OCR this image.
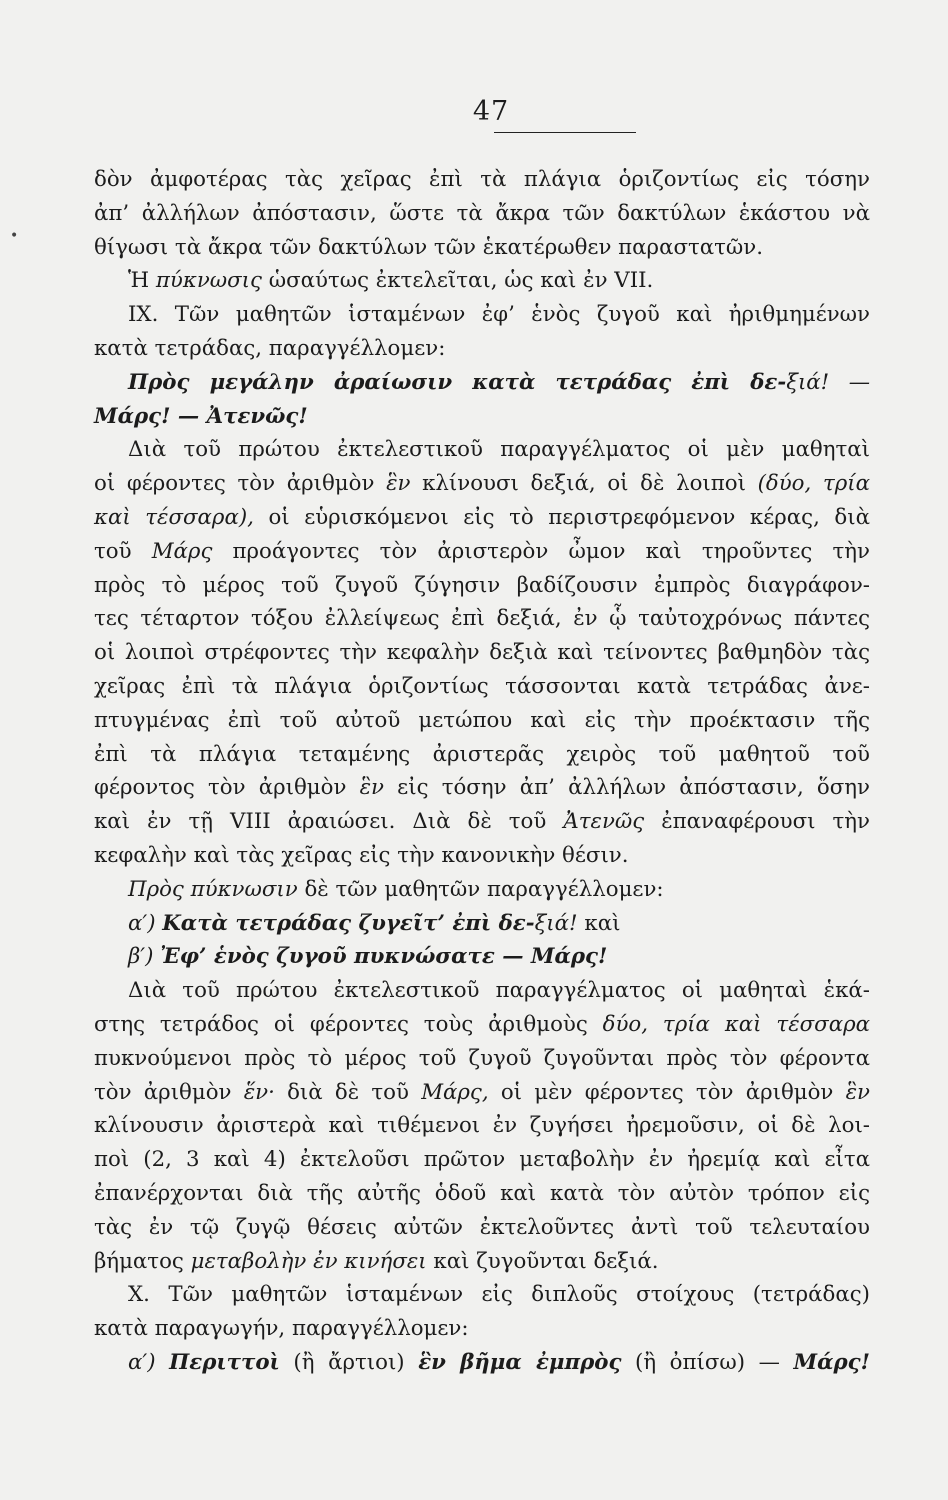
•
47
δὸν ἀμφοτέρας τὰς χεῖρας ἐπὶ τὰ πλάγια ὁριζοντίως εἰς τόσην
ἀπ’ ἀλλήλων ἀπόστασιν, ὥστε τὰ ἄκρα τῶν δακτύλων ἑκάστου νὰ
θίγωσι τὰ ἄκρα τῶν δακτύλων τῶν ἑκατέρωθεν παραστατῶν.
Ἡ πύκνωσις ὡσαύτως ἐκτελεῖται, ὡς καὶ ἐν VII.
IX. Τῶν μαθητῶν ἱσταμένων ἐφ’ ἑνὸς ζυγοῦ καὶ ἠριθμημένων
κατὰ τετράδας, παραγγέλλομεν:
Πρὸς μεγάλην ἀραίωσιν κατὰ τετράδας ἐπὶ δε-ξιά! —
Μάρς! — Ἀτενῶς!
Διὰ τοῦ πρώτου ἐκτελεστικοῦ παραγγέλματος οἱ μὲν μαθηταὶ
οἱ φέροντες τὸν ἀριθμὸν ἓν κλίνουσι δεξιά, οἱ δὲ λοιποὶ (δύο, τρία
καὶ τέσσαρα), οἱ εὑρισκόμενοι εἰς τὸ περιστρεφόμενον κέρας, διὰ
τοῦ Μάρς προάγοντες τὸν ἀριστερὸν ὦμον καὶ τηροῦντες τὴν
πρὸς τὸ μέρος τοῦ ζυγοῦ ζύγησιν βαδίζουσιν ἐμπρὸς διαγράφον-
τες τέταρτον τόξου ἐλλείψεως ἐπὶ δεξιά, ἐν ᾧ ταὐτοχρόνως πάντες
οἱ λοιποὶ στρέφοντες τὴν κεφαλὴν δεξιὰ καὶ τείνοντες βαθμηδὸν τὰς
χεῖρας ἐπὶ τὰ πλάγια ὁριζοντίως τάσσονται κατὰ τετράδας ἀνε-
πτυγμένας ἐπὶ τοῦ αὐτοῦ μετώπου καὶ εἰς τὴν προέκτασιν τῆς
ἐπὶ τὰ πλάγια τεταμένης ἀριστερᾶς χειρὸς τοῦ μαθητοῦ τοῦ
φέροντος τὸν ἀριθμὸν ἓν εἰς τόσην ἀπ’ ἀλλήλων ἀπόστασιν, ὅσην
καὶ ἐν τῇ VIII ἀραιώσει. Διὰ δὲ τοῦ Ἀτενῶς ἐπαναφέρουσι τὴν
κεφαλὴν καὶ τὰς χεῖρας εἰς τὴν κανονικὴν θέσιν.
Πρὸς πύκνωσιν δὲ τῶν μαθητῶν παραγγέλλομεν:
α′) Κατὰ τετράδας ζυγεῖτ’ ἐπὶ δε-ξιά! καὶ
β′) Ἐφ’ ἑνὸς ζυγοῦ πυκνώσατε — Μάρς!
Διὰ τοῦ πρώτου ἐκτελεστικοῦ παραγγέλματος οἱ μαθηταὶ ἑκά-
στης τετράδος οἱ φέροντες τοὺς ἀριθμοὺς δύο, τρία καὶ τέσσαρα
πυκνούμενοι πρὸς τὸ μέρος τοῦ ζυγοῦ ζυγοῦνται πρὸς τὸν φέροντα
τὸν ἀριθμὸν ἕν· διὰ δὲ τοῦ Μάρς, οἱ μὲν φέροντες τὸν ἀριθμὸν ἓν
κλίνουσιν ἀριστερὰ καὶ τιθέμενοι ἐν ζυγήσει ἠρεμοῦσιν, οἱ δὲ λοι-
ποὶ (2, 3 καὶ 4) ἐκτελοῦσι πρῶτον μεταβολὴν ἐν ἠρεμίᾳ καὶ εἶτα
ἐπανέρχονται διὰ τῆς αὐτῆς ὁδοῦ καὶ κατὰ τὸν αὐτὸν τρόπον εἰς
τὰς ἐν τῷ ζυγῷ θέσεις αὐτῶν ἐκτελοῦντες ἀντὶ τοῦ τελευταίου
βήματος μεταβολὴν ἐν κινήσει καὶ ζυγοῦνται δεξιά.
X. Τῶν μαθητῶν ἱσταμένων εἰς διπλοῦς στοίχους (τετράδας)
κατὰ παραγωγήν, παραγγέλλομεν:
α′) Περιττοὶ (ἢ ἄρτιοι) ἓν βῆμα ἐμπρὸς (ἢ ὀπίσω) — Μάρς!
